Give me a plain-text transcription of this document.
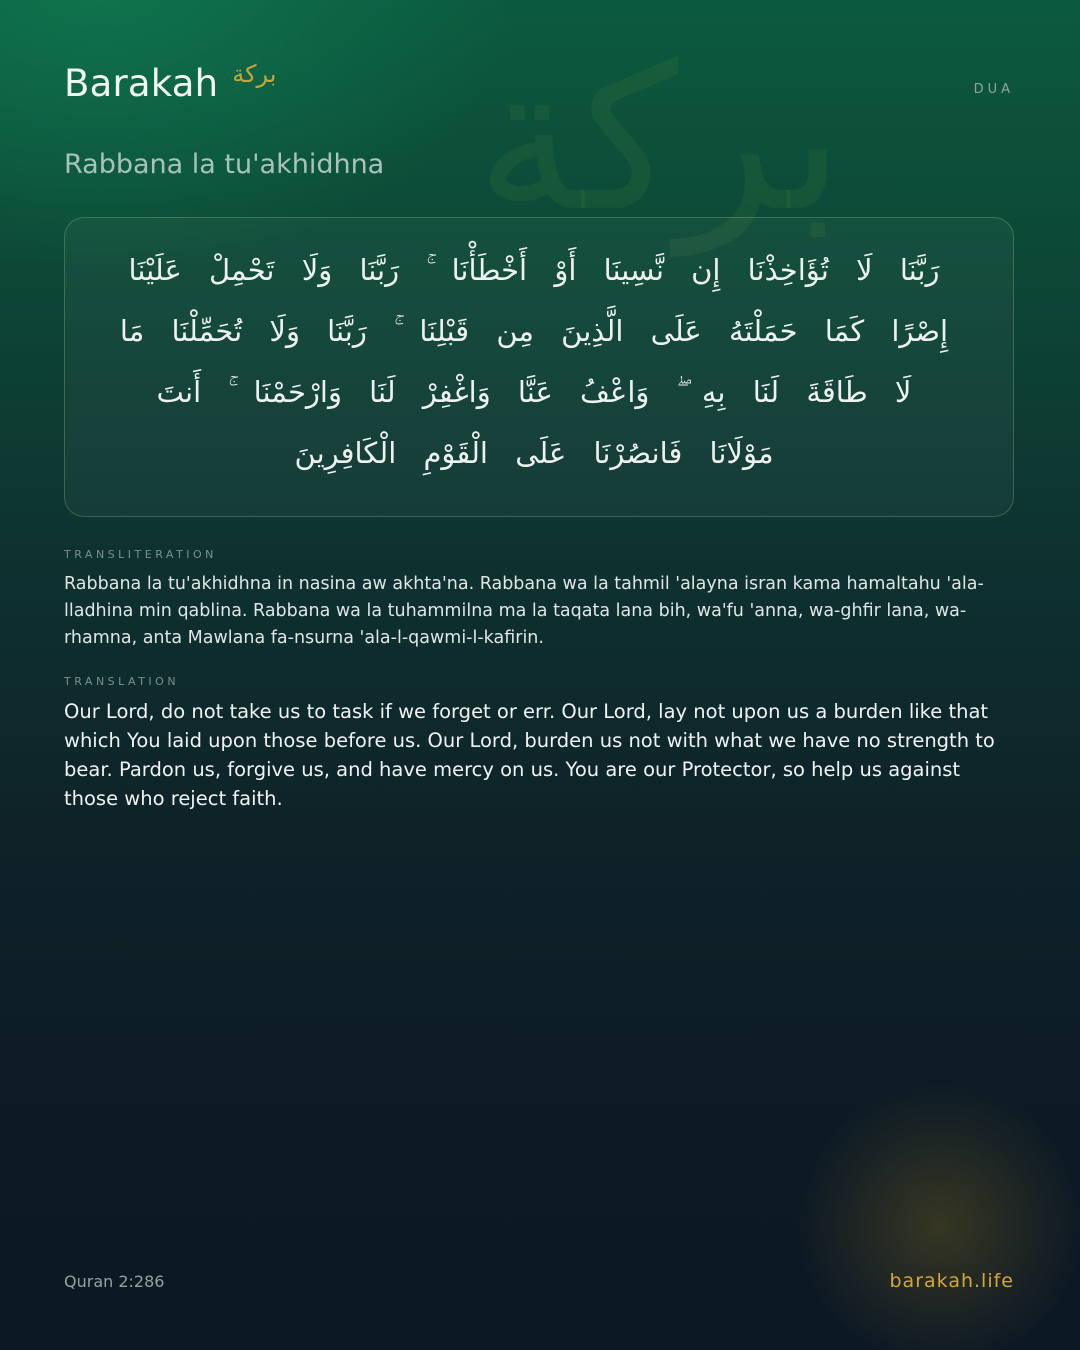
بركة
Barakah بركة
DUA
Rabbana la tu'akhidhna

رَبَّنَا لَا تُؤَاخِذْنَا إِن نَّسِينَا أَوْ أَخْطَأْنَا ۚ رَبَّنَا وَلَا تَحْمِلْ عَلَيْنَا إِصْرًا كَمَا حَمَلْتَهُ عَلَى الَّذِينَ مِن قَبْلِنَا ۚ رَبَّنَا وَلَا تُحَمِّلْنَا مَا لَا طَاقَةَ لَنَا بِهِ ۖ وَاعْفُ عَنَّا وَاغْفِرْ لَنَا وَارْحَمْنَا ۚ أَنتَ مَوْلَانَا فَانصُرْنَا عَلَى الْقَوْمِ الْكَافِرِينَ

TRANSLITERATION

Rabbana la tu'akhidhna in nasina aw akhta'na. Rabbana wa la tahmil 'alayna isran kama hamaltahu 'ala-lladhina min qablina. Rabbana wa la tuhammilna ma la taqata lana bih, wa'fu 'anna, wa-ghfir lana, wa-rhamna, anta Mawlana fa-nsurna 'ala-l-qawmi-l-kafirin.

TRANSLATION

Our Lord, do not take us to task if we forget or err. Our Lord, lay not upon us a burden like that which You laid upon those before us. Our Lord, burden us not with what we have no strength to bear. Pardon us, forgive us, and have mercy on us. You are our Protector, so help us against those who reject faith.

Quran 2:286	barakah.life
